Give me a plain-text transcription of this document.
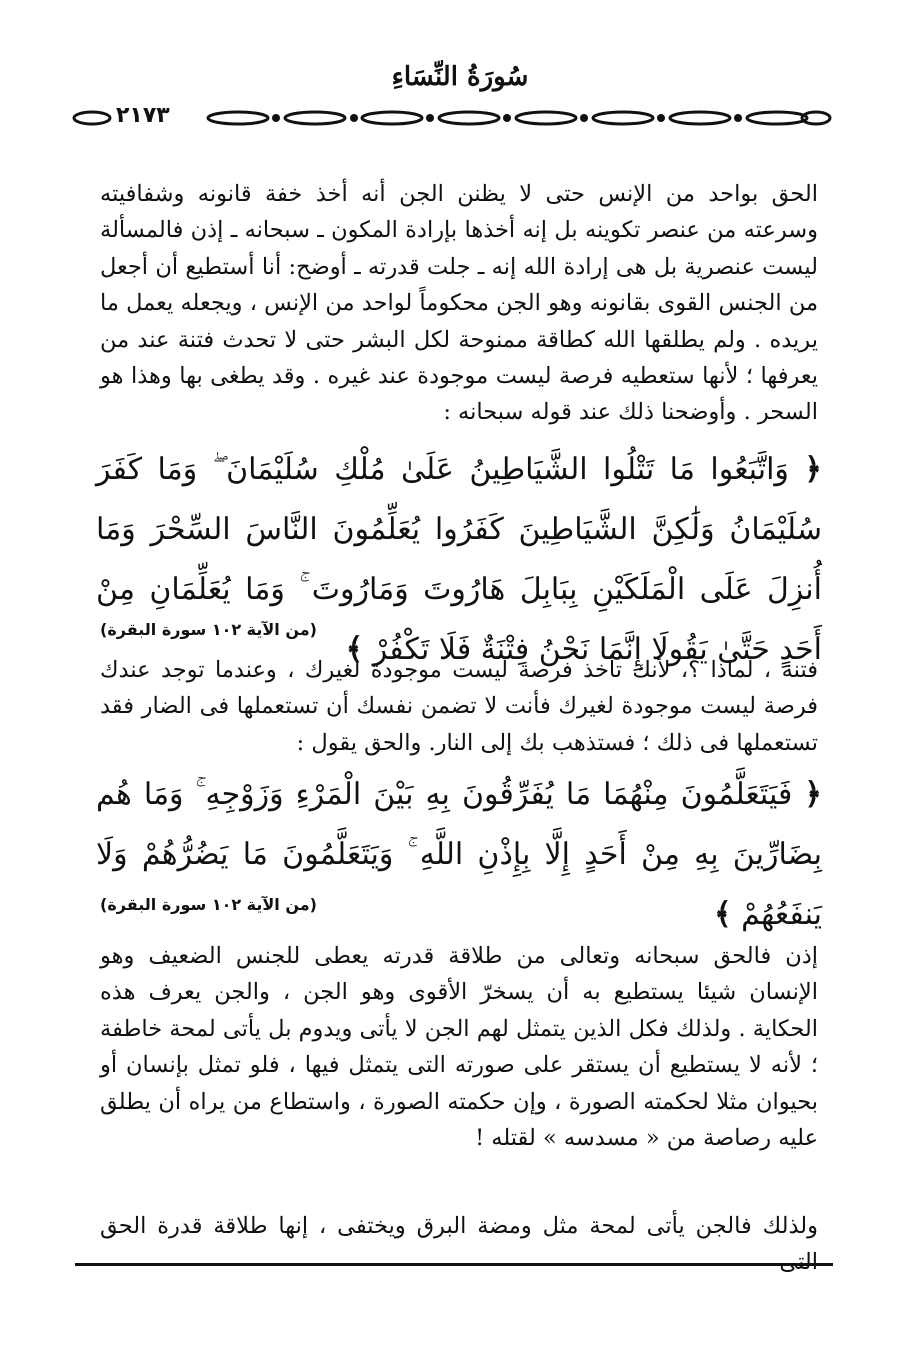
سُورَةُ النِّسَاءِ
٢١٧٣
الحق بواحد من الإنس حتى لا يظنن الجن أنه أخذ خفة قانونه وشفافيته وسرعته من عنصر تكوينه بل إنه أخذها بإرادة المكون ـ سبحانه ـ إذن فالمسألة ليست عنصرية بل هى إرادة الله إنه ـ جلت قدرته ـ أوضح: أنا أستطيع أن أجعل من الجنس القوى بقانونه وهو الجن محكوماً لواحد من الإنس ، ويجعله يعمل ما يريده . ولم يطلقها الله كطاقة ممنوحة لكل البشر حتى لا تحدث فتنة عند من يعرفها ؛ لأنها ستعطيه فرصة ليست موجودة عند غيره . وقد يطغى بها وهذا هو السحر . وأوضحنا ذلك عند قوله سبحانه :
﴿ وَاتَّبَعُوا مَا تَتْلُوا الشَّيَاطِينُ عَلَىٰ مُلْكِ سُلَيْمَانَ ۖ وَمَا كَفَرَ سُلَيْمَانُ وَلَٰكِنَّ الشَّيَاطِينَ كَفَرُوا يُعَلِّمُونَ النَّاسَ السِّحْرَ وَمَا أُنزِلَ عَلَى الْمَلَكَيْنِ بِبَابِلَ هَارُوتَ وَمَارُوتَ ۚ وَمَا يُعَلِّمَانِ مِنْ أَحَدٍ حَتَّىٰ يَقُولَا إِنَّمَا نَحْنُ فِتْنَةٌ فَلَا تَكْفُرْ ﴾
(من الآية ١٠٢ سورة البقرة)
فتنة ، لماذا ؟، لأنك تأخذ فرصة ليست موجودة لغيرك ، وعندما توجد عندك فرصة ليست موجودة لغيرك فأنت لا تضمن نفسك أن تستعملها فى الضار فقد تستعملها فى ذلك ؛ فستذهب بك إلى النار. والحق يقول :
﴿ فَيَتَعَلَّمُونَ مِنْهُمَا مَا يُفَرِّقُونَ بِهِ بَيْنَ الْمَرْءِ وَزَوْجِهِ ۚ وَمَا هُم بِضَارِّينَ بِهِ مِنْ أَحَدٍ إِلَّا بِإِذْنِ اللَّهِ ۚ وَيَتَعَلَّمُونَ مَا يَضُرُّهُمْ وَلَا يَنفَعُهُمْ ﴾
(من الآية ١٠٢ سورة البقرة)
إذن فالحق سبحانه وتعالى من طلاقة قدرته يعطى للجنس الضعيف وهو الإنسان شيئا يستطيع به أن يسخرّ الأقوى وهو الجن ، والجن يعرف هذه الحكاية . ولذلك فكل الذين يتمثل لهم الجن لا يأتى ويدوم بل يأتى لمحة خاطفة ؛ لأنه لا يستطيع أن يستقر على صورته التى يتمثل فيها ، فلو تمثل بإنسان أو بحيوان مثلا لحكمته الصورة ، وإن حكمته الصورة ، واستطاع من يراه أن يطلق عليه رصاصة من « مسدسه » لقتله !
ولذلك فالجن يأتى لمحة مثل ومضة البرق ويختفى ، إنها طلاقة قدرة الحق
